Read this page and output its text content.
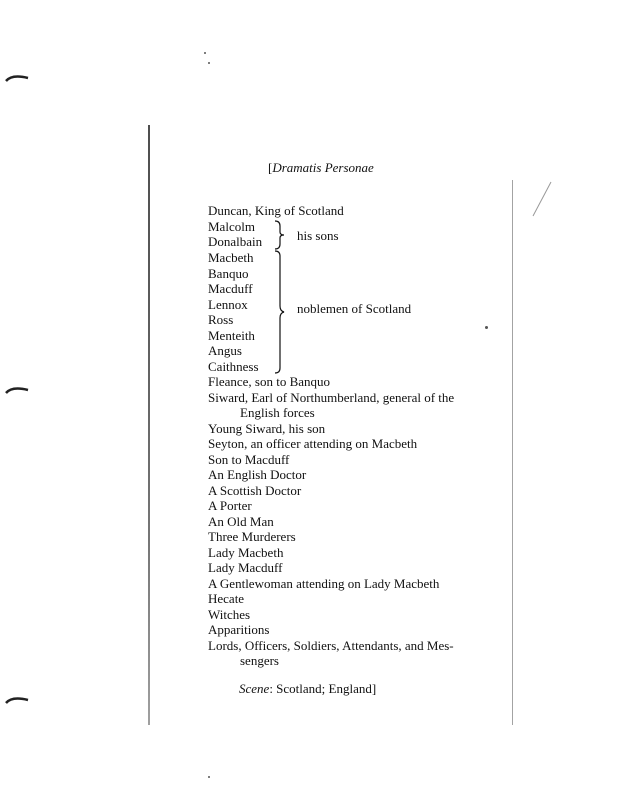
[Dramatis Personae
Duncan, King of Scotland
Malcolm
Donalbain	his sons
Macbeth
Banquo
Macduff
Lennox
Ross
Menteith
Angus
Caithness
noblemen of Scotland
Fleance, son to Banquo
Siward, Earl of Northumberland, general of the
English forces
Young Siward, his son
Seyton, an officer attending on Macbeth
Son to Macduff
An English Doctor
A Scottish Doctor
A Porter
An Old Man
Three Murderers
Lady Macbeth
Lady Macduff
A Gentlewoman attending on Lady Macbeth
Hecate
Witches
Apparitions
Lords, Officers, Soldiers, Attendants, and Mes-
sengers
Scene: Scotland; England]
